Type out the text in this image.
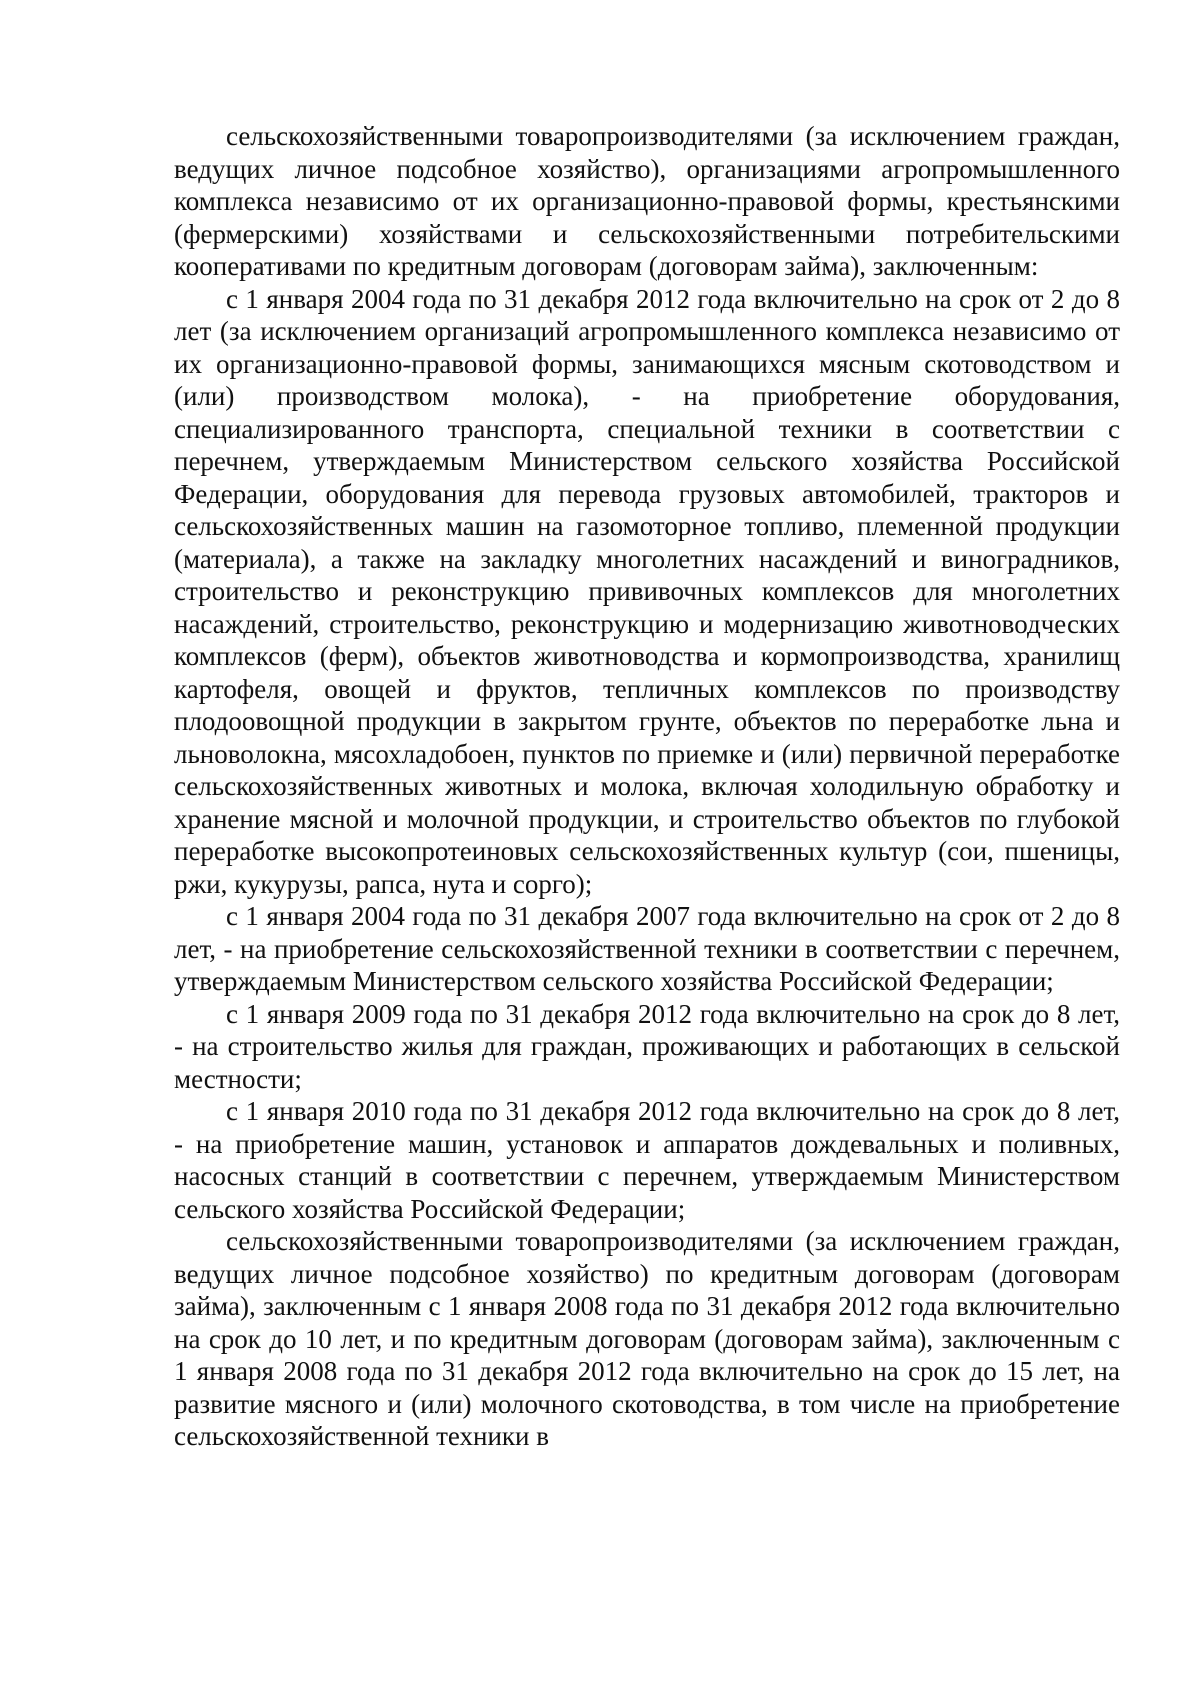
сельскохозяйственными товаропроизводителями (за исключением граждан, ведущих личное подсобное хозяйство), организациями агропромышленного комплекса независимо от их организационно-правовой формы, крестьянскими (фермерскими) хозяйствами и сельскохозяйственными потребительскими кооперативами по кредитным договорам (договорам займа), заключенным:

с 1 января 2004 года по 31 декабря 2012 года включительно на срок от 2 до 8 лет (за исключением организаций агропромышленного комплекса независимо от их организационно-правовой формы, занимающихся мясным скотоводством и (или) производством молока), - на приобретение оборудования, специализированного транспорта, специальной техники в соответствии с перечнем, утверждаемым Министерством сельского хозяйства Российской Федерации, оборудования для перевода грузовых автомобилей, тракторов и сельскохозяйственных машин на газомоторное топливо, племенной продукции (материала), а также на закладку многолетних насаждений и виноградников, строительство и реконструкцию прививочных комплексов для многолетних насаждений, строительство, реконструкцию и модернизацию животноводческих комплексов (ферм), объектов животноводства и кормопроизводства, хранилищ картофеля, овощей и фруктов, тепличных комплексов по производству плодоовощной продукции в закрытом грунте, объектов по переработке льна и льноволокна, мясохладобоен, пунктов по приемке и (или) первичной переработке сельскохозяйственных животных и молока, включая холодильную обработку и хранение мясной и молочной продукции, и строительство объектов по глубокой переработке высокопротеиновых сельскохозяйственных культур (сои, пшеницы, ржи, кукурузы, рапса, нута и сорго);

с 1 января 2004 года по 31 декабря 2007 года включительно на срок от 2 до 8 лет, - на приобретение сельскохозяйственной техники в соответствии с перечнем, утверждаемым Министерством сельского хозяйства Российской Федерации;

с 1 января 2009 года по 31 декабря 2012 года включительно на срок до 8 лет, - на строительство жилья для граждан, проживающих и работающих в сельской местности;

с 1 января 2010 года по 31 декабря 2012 года включительно на срок до 8 лет, - на приобретение машин, установок и аппаратов дождевальных и поливных, насосных станций в соответствии с перечнем, утверждаемым Министерством сельского хозяйства Российской Федерации;

сельскохозяйственными товаропроизводителями (за исключением граждан, ведущих личное подсобное хозяйство) по кредитным договорам (договорам займа), заключенным с 1 января 2008 года по 31 декабря 2012 года включительно на срок до 10 лет, и по кредитным договорам (договорам займа), заключенным с 1 января 2008 года по 31 декабря 2012 года включительно на срок до 15 лет, на развитие мясного и (или) молочного скотоводства, в том числе на приобретение сельскохозяйственной техники в
